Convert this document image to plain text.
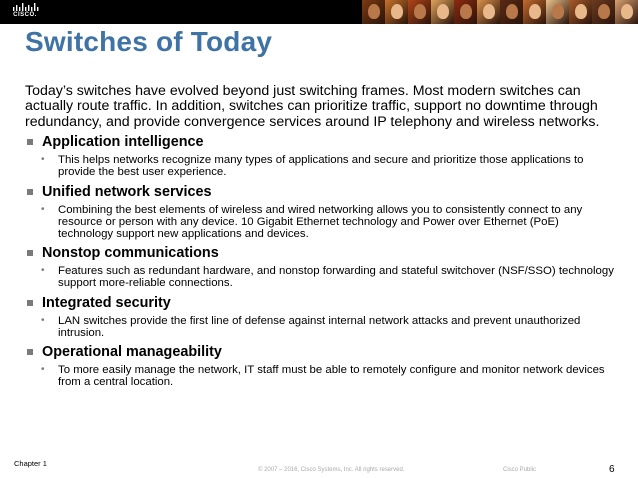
CISCO.
Switches of Today

Today’s switches have evolved beyond just switching frames. Most modern switches can actually route traffic. In addition, switches can prioritize traffic, support no downtime through redundancy, and provide convergence services around IP telephony and wireless networks.

Application intelligence
• This helps networks recognize many types of applications and secure and prioritize those applications to provide the best user experience.
Unified network services
• Combining the best elements of wireless and wired networking allows you to consistently connect to any resource or person with any device. 10 Gigabit Ethernet technology and Power over Ethernet (PoE) technology support new applications and devices.
Nonstop communications
• Features such as redundant hardware, and nonstop forwarding and stateful switchover (NSF/SSO) technology support more-reliable connections.
Integrated security
• LAN switches provide the first line of defense against internal network attacks and prevent unauthorized intrusion.
Operational manageability
• To more easily manage the network, IT staff must be able to remotely configure and monitor network devices from a central location.
Chapter 1
© 2007 – 2016, Cisco Systems, Inc. All rights reserved.	Cisco Public	6
